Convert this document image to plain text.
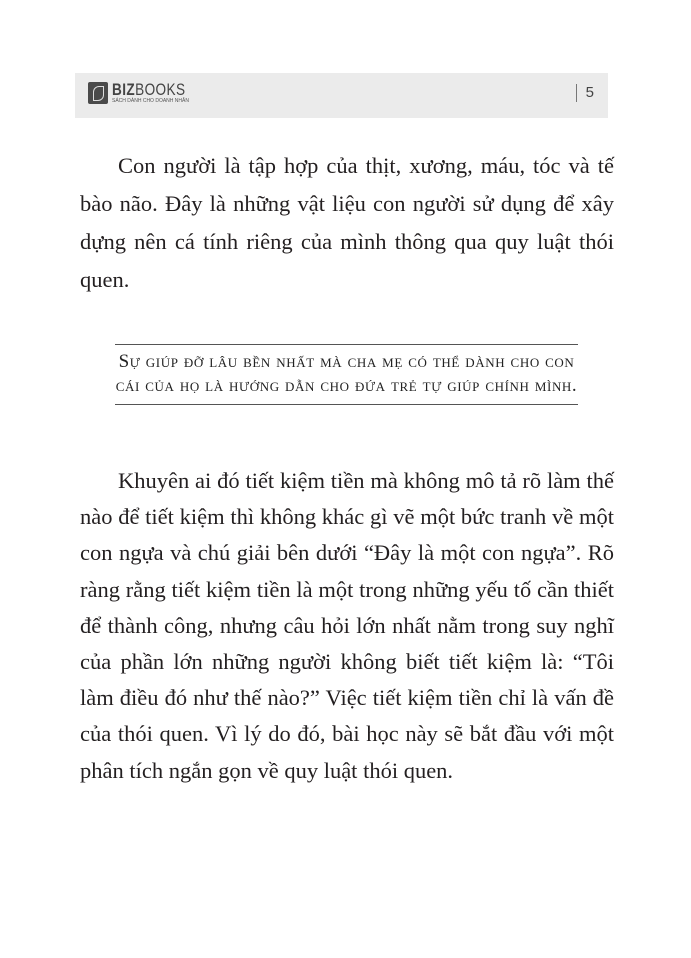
BIZBOOKS
SÁCH DÀNH CHO DOANH NHÂN	5

Con người là tập hợp của thịt, xương, máu, tóc và tế bào não. Đây là những vật liệu con người sử dụng để xây dựng nên cá tính riêng của mình thông qua quy luật thói quen.

Sự giúp đỡ lâu bền nhất mà cha mẹ có thể dành cho con cái của họ là hướng dẫn cho đứa trẻ tự giúp chính mình.

Khuyên ai đó tiết kiệm tiền mà không mô tả rõ làm thế nào để tiết kiệm thì không khác gì vẽ một bức tranh về một con ngựa và chú giải bên dưới “Đây là một con ngựa”. Rõ ràng rằng tiết kiệm tiền là một trong những yếu tố cần thiết để thành công, nhưng câu hỏi lớn nhất nằm trong suy nghĩ của phần lớn những người không biết tiết kiệm là: “Tôi làm điều đó như thế nào?” Việc tiết kiệm tiền chỉ là vấn đề của thói quen. Vì lý do đó, bài học này sẽ bắt đầu với một phân tích ngắn gọn về quy luật thói quen.
